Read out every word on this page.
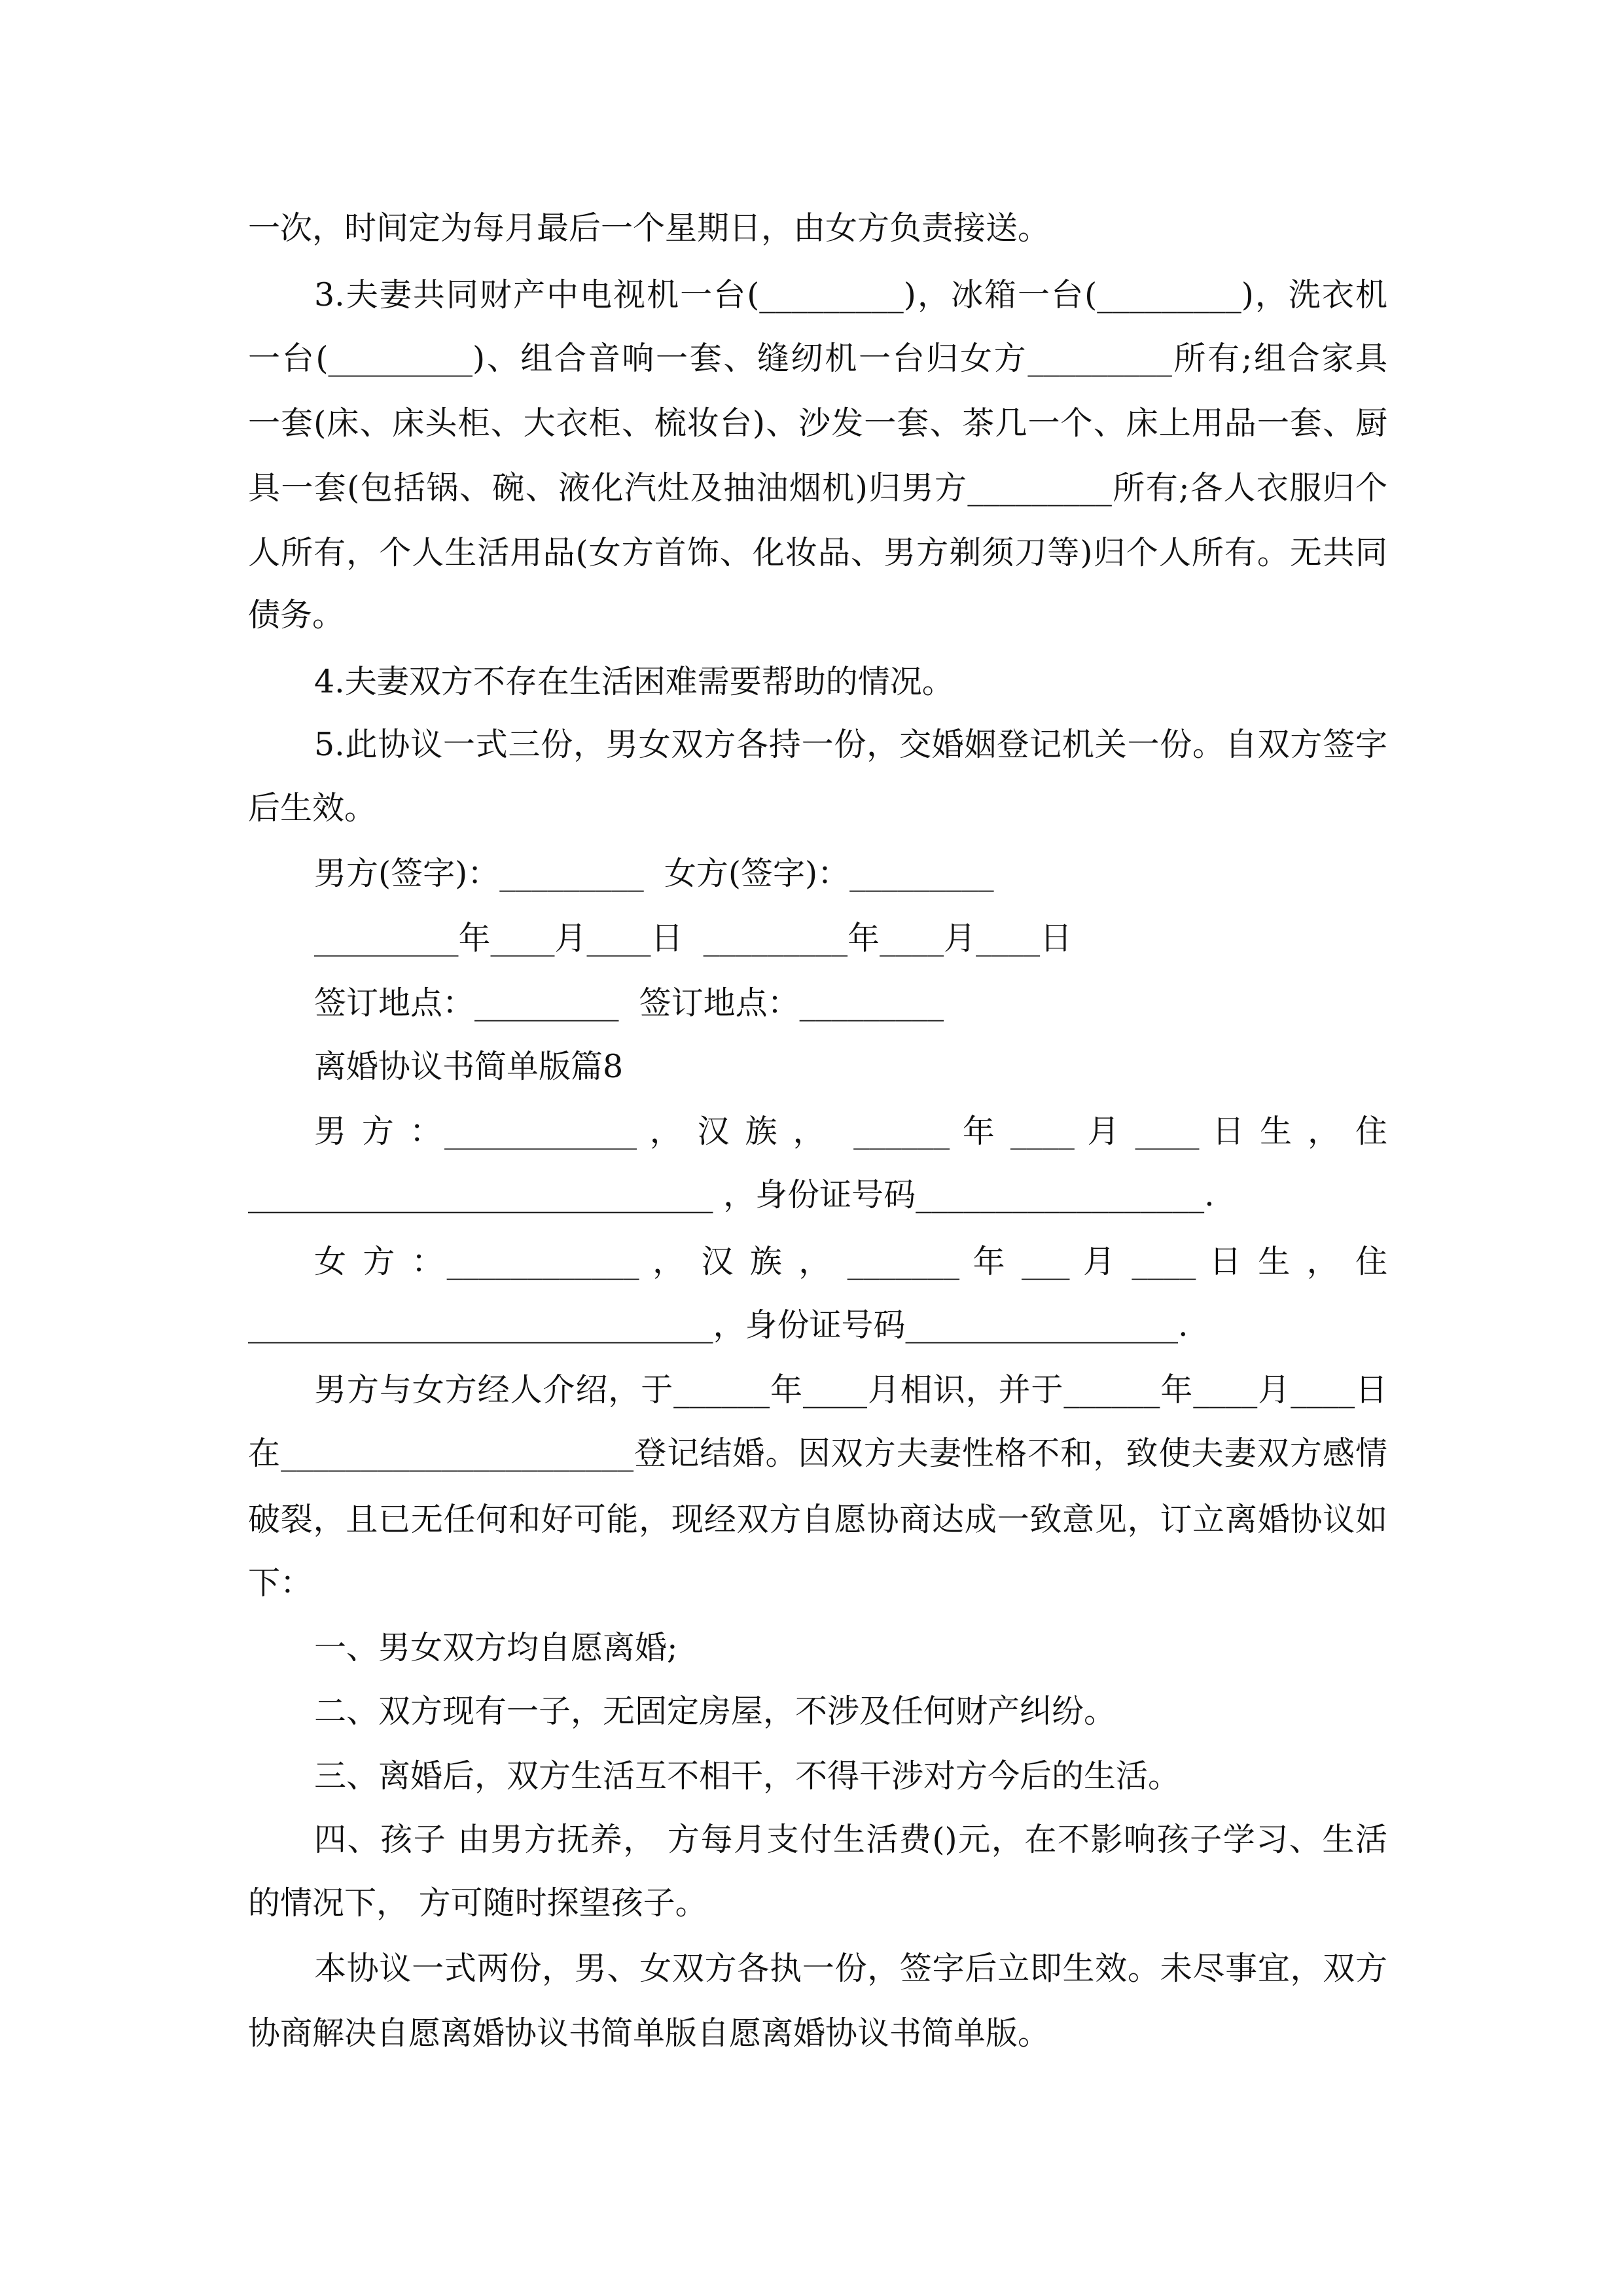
一次，时间定为每月最后一个星期日，由女方负责接送。
3.夫妻共同财产中电视机一台(_________)，冰箱一台(_________)，洗衣机
一台(_________)、组合音响一套、缝纫机一台归女方_________所有;组合家具
一套(床、床头柜、大衣柜、梳妆台)、沙发一套、茶几一个、床上用品一套、厨
具一套(包括锅、碗、液化汽灶及抽油烟机)归男方_________所有;各人衣服归个
人所有，个人生活用品(女方首饰、化妆品、男方剃须刀等)归个人所有。无共同
债务。
4.夫妻双方不存在生活困难需要帮助的情况。
5.此协议一式三份，男女双方各持一份，交婚姻登记机关一份。自双方签字
后生效。
男方(签字)：_________  女方(签字)：_________
_________年____月____日  _________年____月____日
签订地点：_________  签订地点：_________
离婚协议书简单版篇8
男 方 ：____________ ， 汉 族 ，  ______ 年 ____ 月 ____ 日 生 ， 住
_____________________________ ，身份证号码__________________.
女 方 ：____________ ， 汉 族 ， _______ 年 ___ 月 ____ 日 生 ， 住
_____________________________，身份证号码_________________.
男方与女方经人介绍，于______年____月相识，并于______年____月____日
在______________________登记结婚。因双方夫妻性格不和，致使夫妻双方感情
破裂，且已无任何和好可能，现经双方自愿协商达成一致意见，订立离婚协议如
下：
一、男女双方均自愿离婚;
二、双方现有一子，无固定房屋，不涉及任何财产纠纷。
三、离婚后，双方生活互不相干，不得干涉对方今后的生活。
四、孩子 由男方抚养， 方每月支付生活费()元，在不影响孩子学习、生活
的情况下， 方可随时探望孩子。
本协议一式两份，男、女双方各执一份，签字后立即生效。未尽事宜，双方
协商解决自愿离婚协议书简单版自愿离婚协议书简单版。
